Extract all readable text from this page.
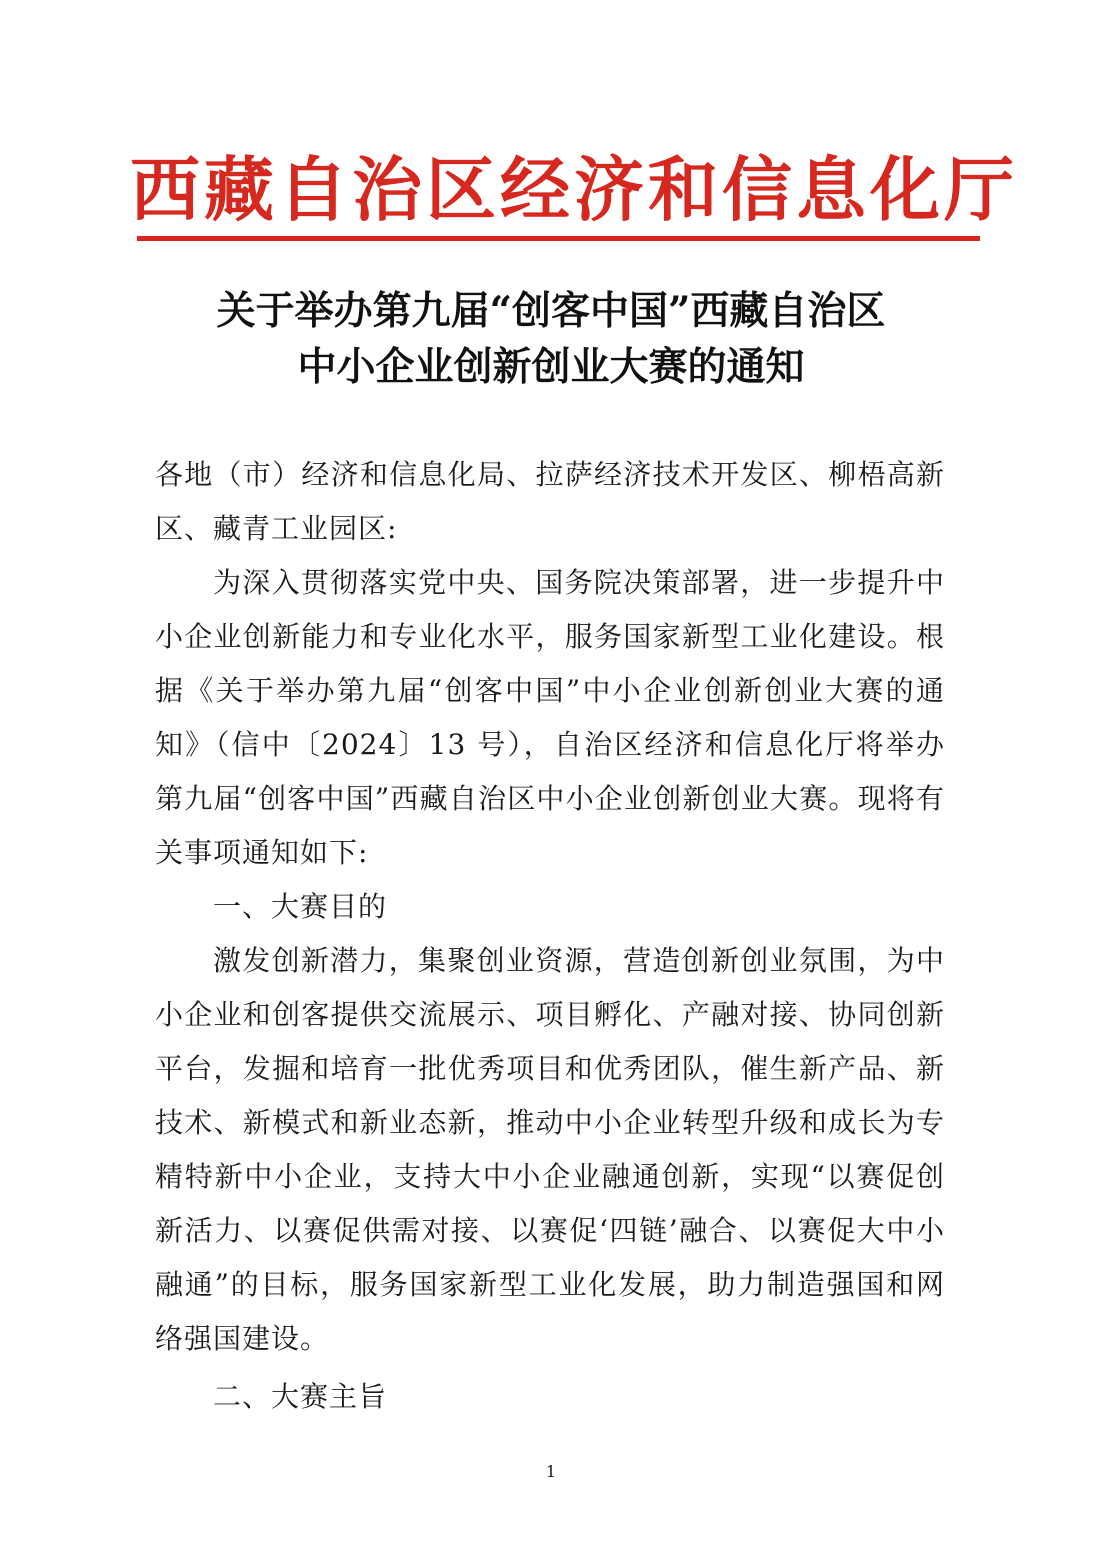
西藏自治区经济和信息化厅
关于举办第九届“创客中国”西藏自治区
中小企业创新创业大赛的通知

各地（市）经济和信息化局、拉萨经济技术开发区、柳梧高新区、藏青工业园区:

为深入贯彻落实党中央、国务院决策部署，进一步提升中小企业创新能力和专业化水平，服务国家新型工业化建设。根据《关于举办第九届“创客中国”中小企业创新创业大赛的通知》（信中〔2024〕13 号），自治区经济和信息化厅将举办第九届“创客中国”西藏自治区中小企业创新创业大赛。现将有关事项通知如下:

一、大赛目的

激发创新潜力，集聚创业资源，营造创新创业氛围，为中小企业和创客提供交流展示、项目孵化、产融对接、协同创新平台，发掘和培育一批优秀项目和优秀团队，催生新产品、新技术、新模式和新业态新，推动中小企业转型升级和成长为专精特新中小企业，支持大中小企业融通创新，实现“以赛促创新活力、以赛促供需对接、以赛促‘四链’融合、以赛促大中小融通”的目标，服务国家新型工业化发展，助力制造强国和网络强国建设。

二、大赛主旨

1
